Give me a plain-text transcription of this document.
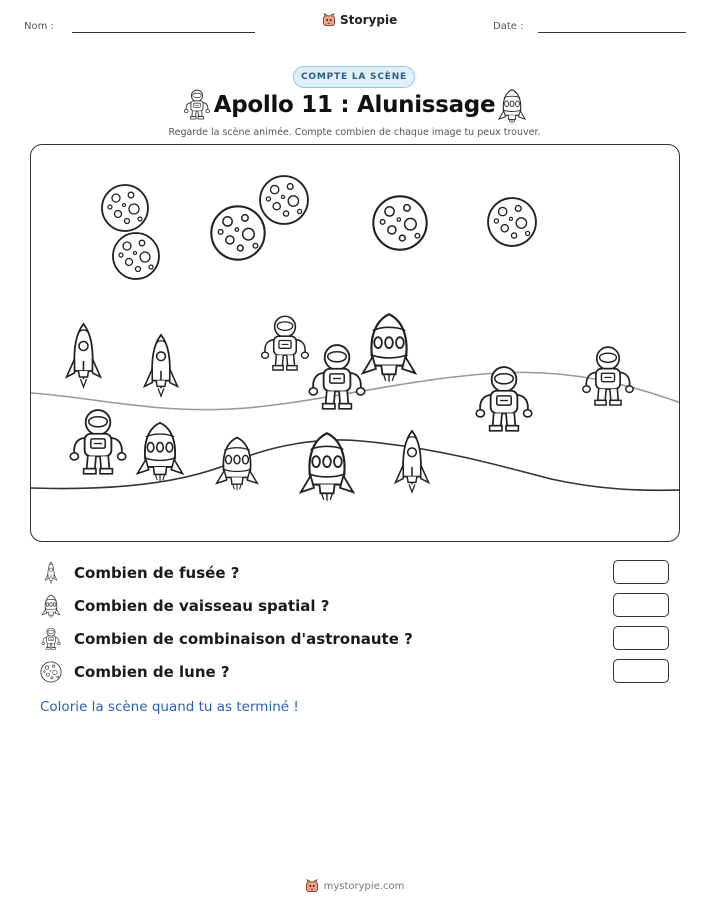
Nom :	Storypie	Date :
COMPTE LA SCÈNE
Apollo 11 : Alunissage
Regarde la scène animée. Compte combien de chaque image tu peux trouver.
Combien de fusée ?
Combien de vaisseau spatial ?
Combien de combinaison d'astronaute ?
Combien de lune ?
Colorie la scène quand tu as terminé !
mystorypie.com
